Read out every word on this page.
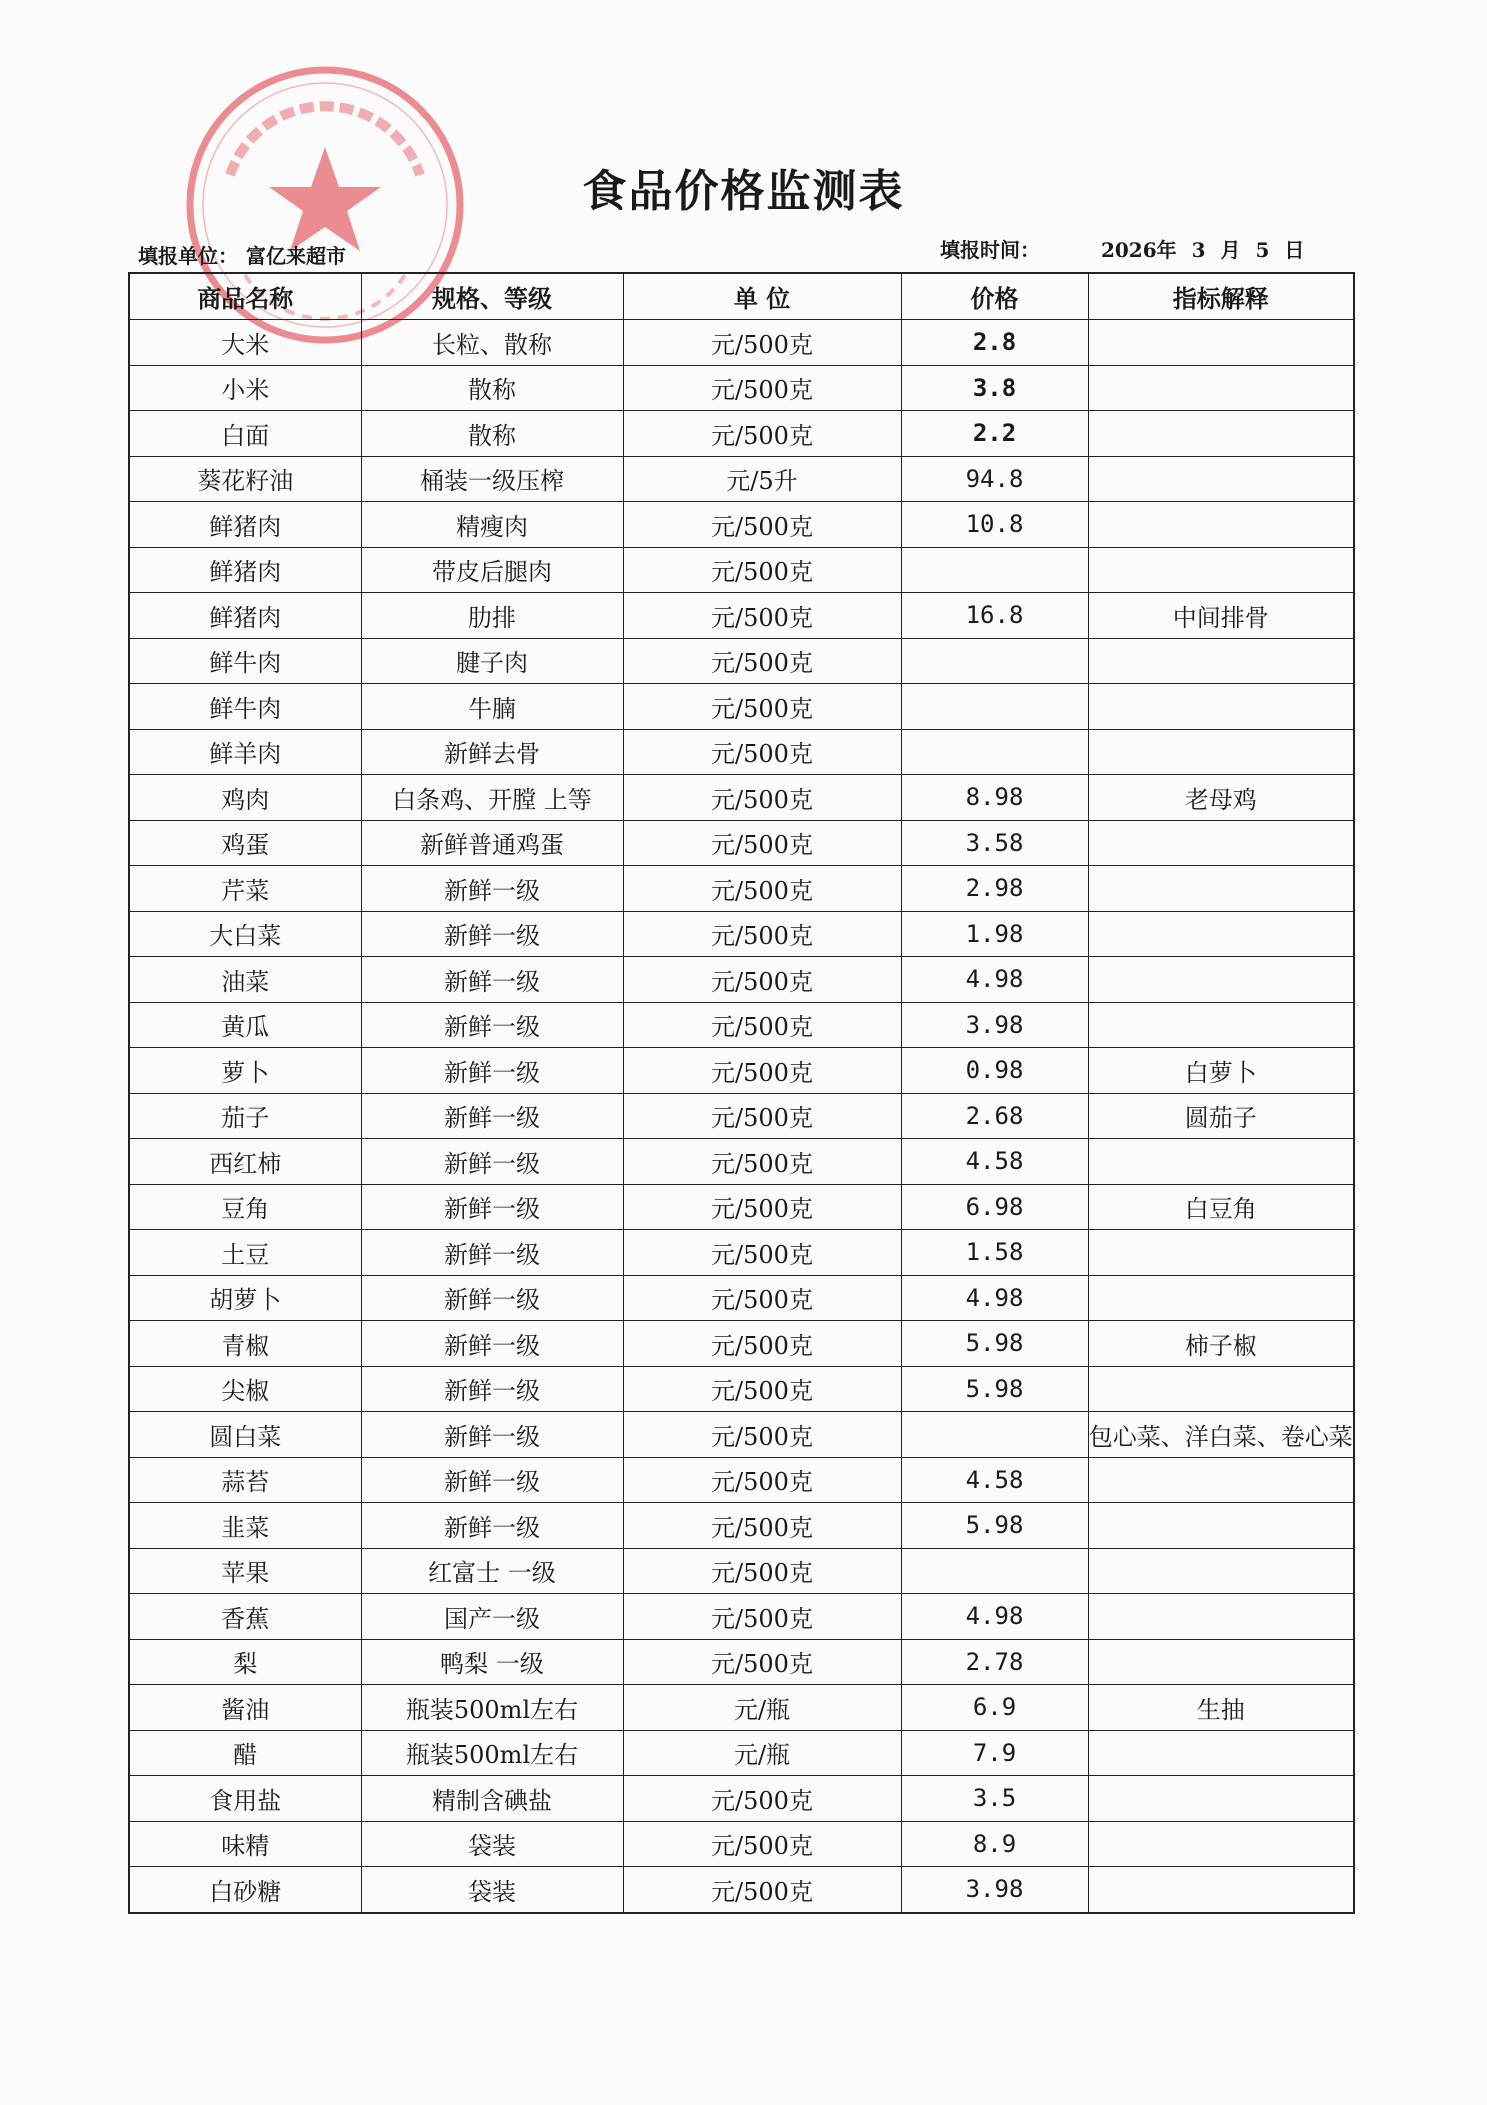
食品价格监测表
填报单位： 富亿来超市	填报时间：	2026年 3 月 5 日
商品名称	规格、等级	单 位	价格	指标解释
大米	长粒、散称	元/500克	2.8	
小米	散称	元/500克	3.8	
白面	散称	元/500克	2.2	
葵花籽油	桶装一级压榨	元/5升	94.8	
鲜猪肉	精瘦肉	元/500克	10.8	
鲜猪肉	带皮后腿肉	元/500克		
鲜猪肉	肋排	元/500克	16.8	中间排骨
鲜牛肉	腱子肉	元/500克		
鲜牛肉	牛腩	元/500克		
鲜羊肉	新鲜去骨	元/500克		
鸡肉	白条鸡、开膛 上等	元/500克	8.98	老母鸡
鸡蛋	新鲜普通鸡蛋	元/500克	3.58	
芹菜	新鲜一级	元/500克	2.98	
大白菜	新鲜一级	元/500克	1.98	
油菜	新鲜一级	元/500克	4.98	
黄瓜	新鲜一级	元/500克	3.98	
萝卜	新鲜一级	元/500克	0.98	白萝卜
茄子	新鲜一级	元/500克	2.68	圆茄子
西红柿	新鲜一级	元/500克	4.58	
豆角	新鲜一级	元/500克	6.98	白豆角
土豆	新鲜一级	元/500克	1.58	
胡萝卜	新鲜一级	元/500克	4.98	
青椒	新鲜一级	元/500克	5.98	柿子椒
尖椒	新鲜一级	元/500克	5.98	
圆白菜	新鲜一级	元/500克		包心菜、洋白菜、卷心菜
蒜苔	新鲜一级	元/500克	4.58	
韭菜	新鲜一级	元/500克	5.98	
苹果	红富士 一级	元/500克		
香蕉	国产一级	元/500克	4.98	
梨	鸭梨 一级	元/500克	2.78	
酱油	瓶装500ml左右	元/瓶	6.9	生抽
醋	瓶装500ml左右	元/瓶	7.9	
食用盐	精制含碘盐	元/500克	3.5	
味精	袋装	元/500克	8.9	
白砂糖	袋装	元/500克	3.98	
